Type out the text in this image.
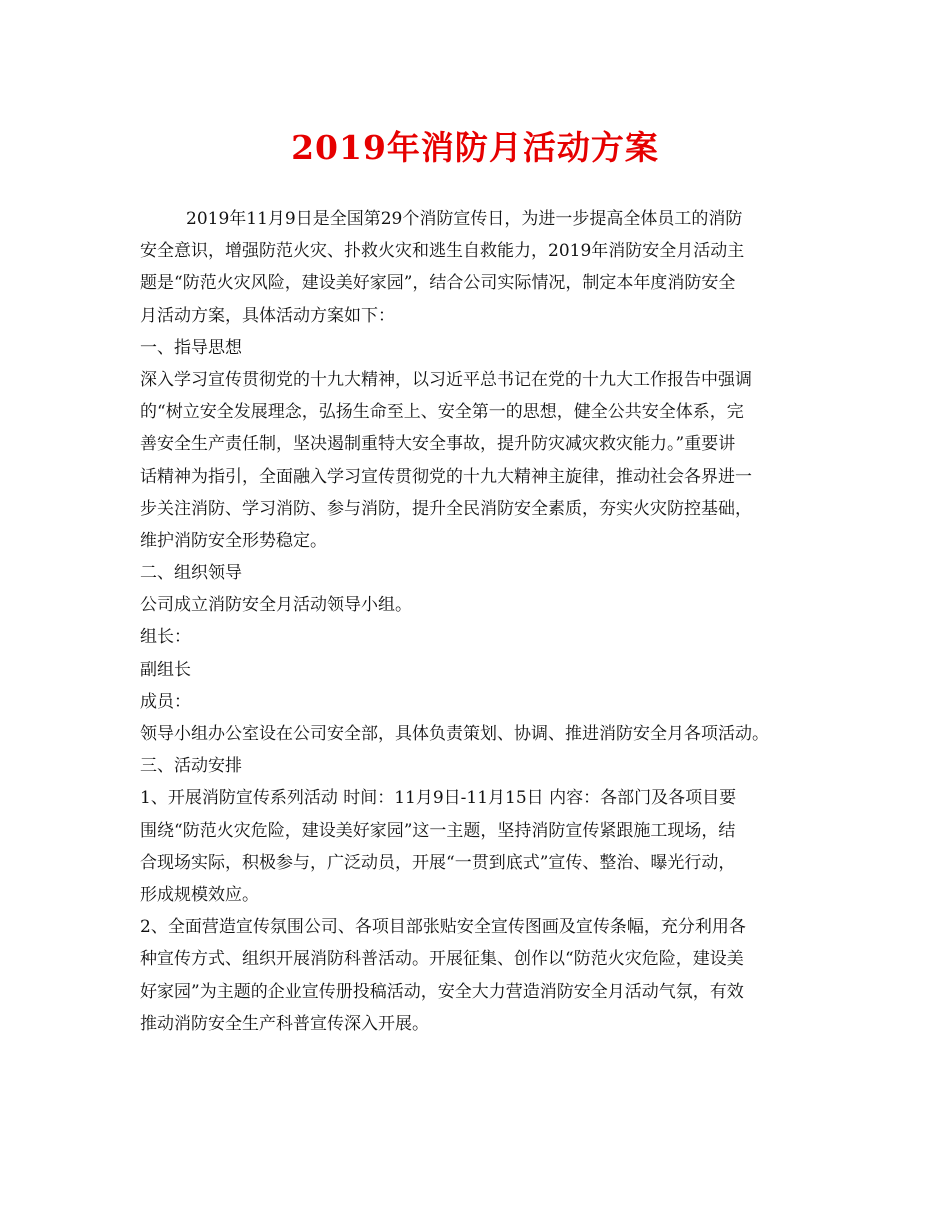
2019年消防月活动方案
2019年11月9日是全国第29个消防宣传日，为进一步提高全体员工的消防
安全意识，增强防范火灾、扑救火灾和逃生自救能力，2019年消防安全月活动主
题是“防范火灾风险，建设美好家园”，结合公司实际情况，制定本年度消防安全
月活动方案，具体活动方案如下：
一、指导思想
深入学习宣传贯彻党的十九大精神，以习近平总书记在党的十九大工作报告中强调
的“树立安全发展理念，弘扬生命至上、安全第一的思想，健全公共安全体系，完
善安全生产责任制，坚决遏制重特大安全事故，提升防灾减灾救灾能力。”重要讲
话精神为指引，全面融入学习宣传贯彻党的十九大精神主旋律，推动社会各界进一
步关注消防、学习消防、参与消防，提升全民消防安全素质，夯实火灾防控基础，
维护消防安全形势稳定。
二、组织领导
公司成立消防安全月活动领导小组。
组长：
副组长
成员：
领导小组办公室设在公司安全部，具体负责策划、协调、推进消防安全月各项活动。
三、活动安排
1、开展消防宣传系列活动 时间：11月9日-11月15日 内容：各部门及各项目要
围绕“防范火灾危险，建设美好家园”这一主题，坚持消防宣传紧跟施工现场，结
合现场实际，积极参与，广泛动员，开展“一贯到底式”宣传、整治、曝光行动，
形成规模效应。
2、全面营造宣传氛围公司、各项目部张贴安全宣传图画及宣传条幅，充分利用各
种宣传方式、组织开展消防科普活动。开展征集、创作以“防范火灾危险，建设美
好家园”为主题的企业宣传册投稿活动，安全大力营造消防安全月活动气氛，有效
推动消防安全生产科普宣传深入开展。
